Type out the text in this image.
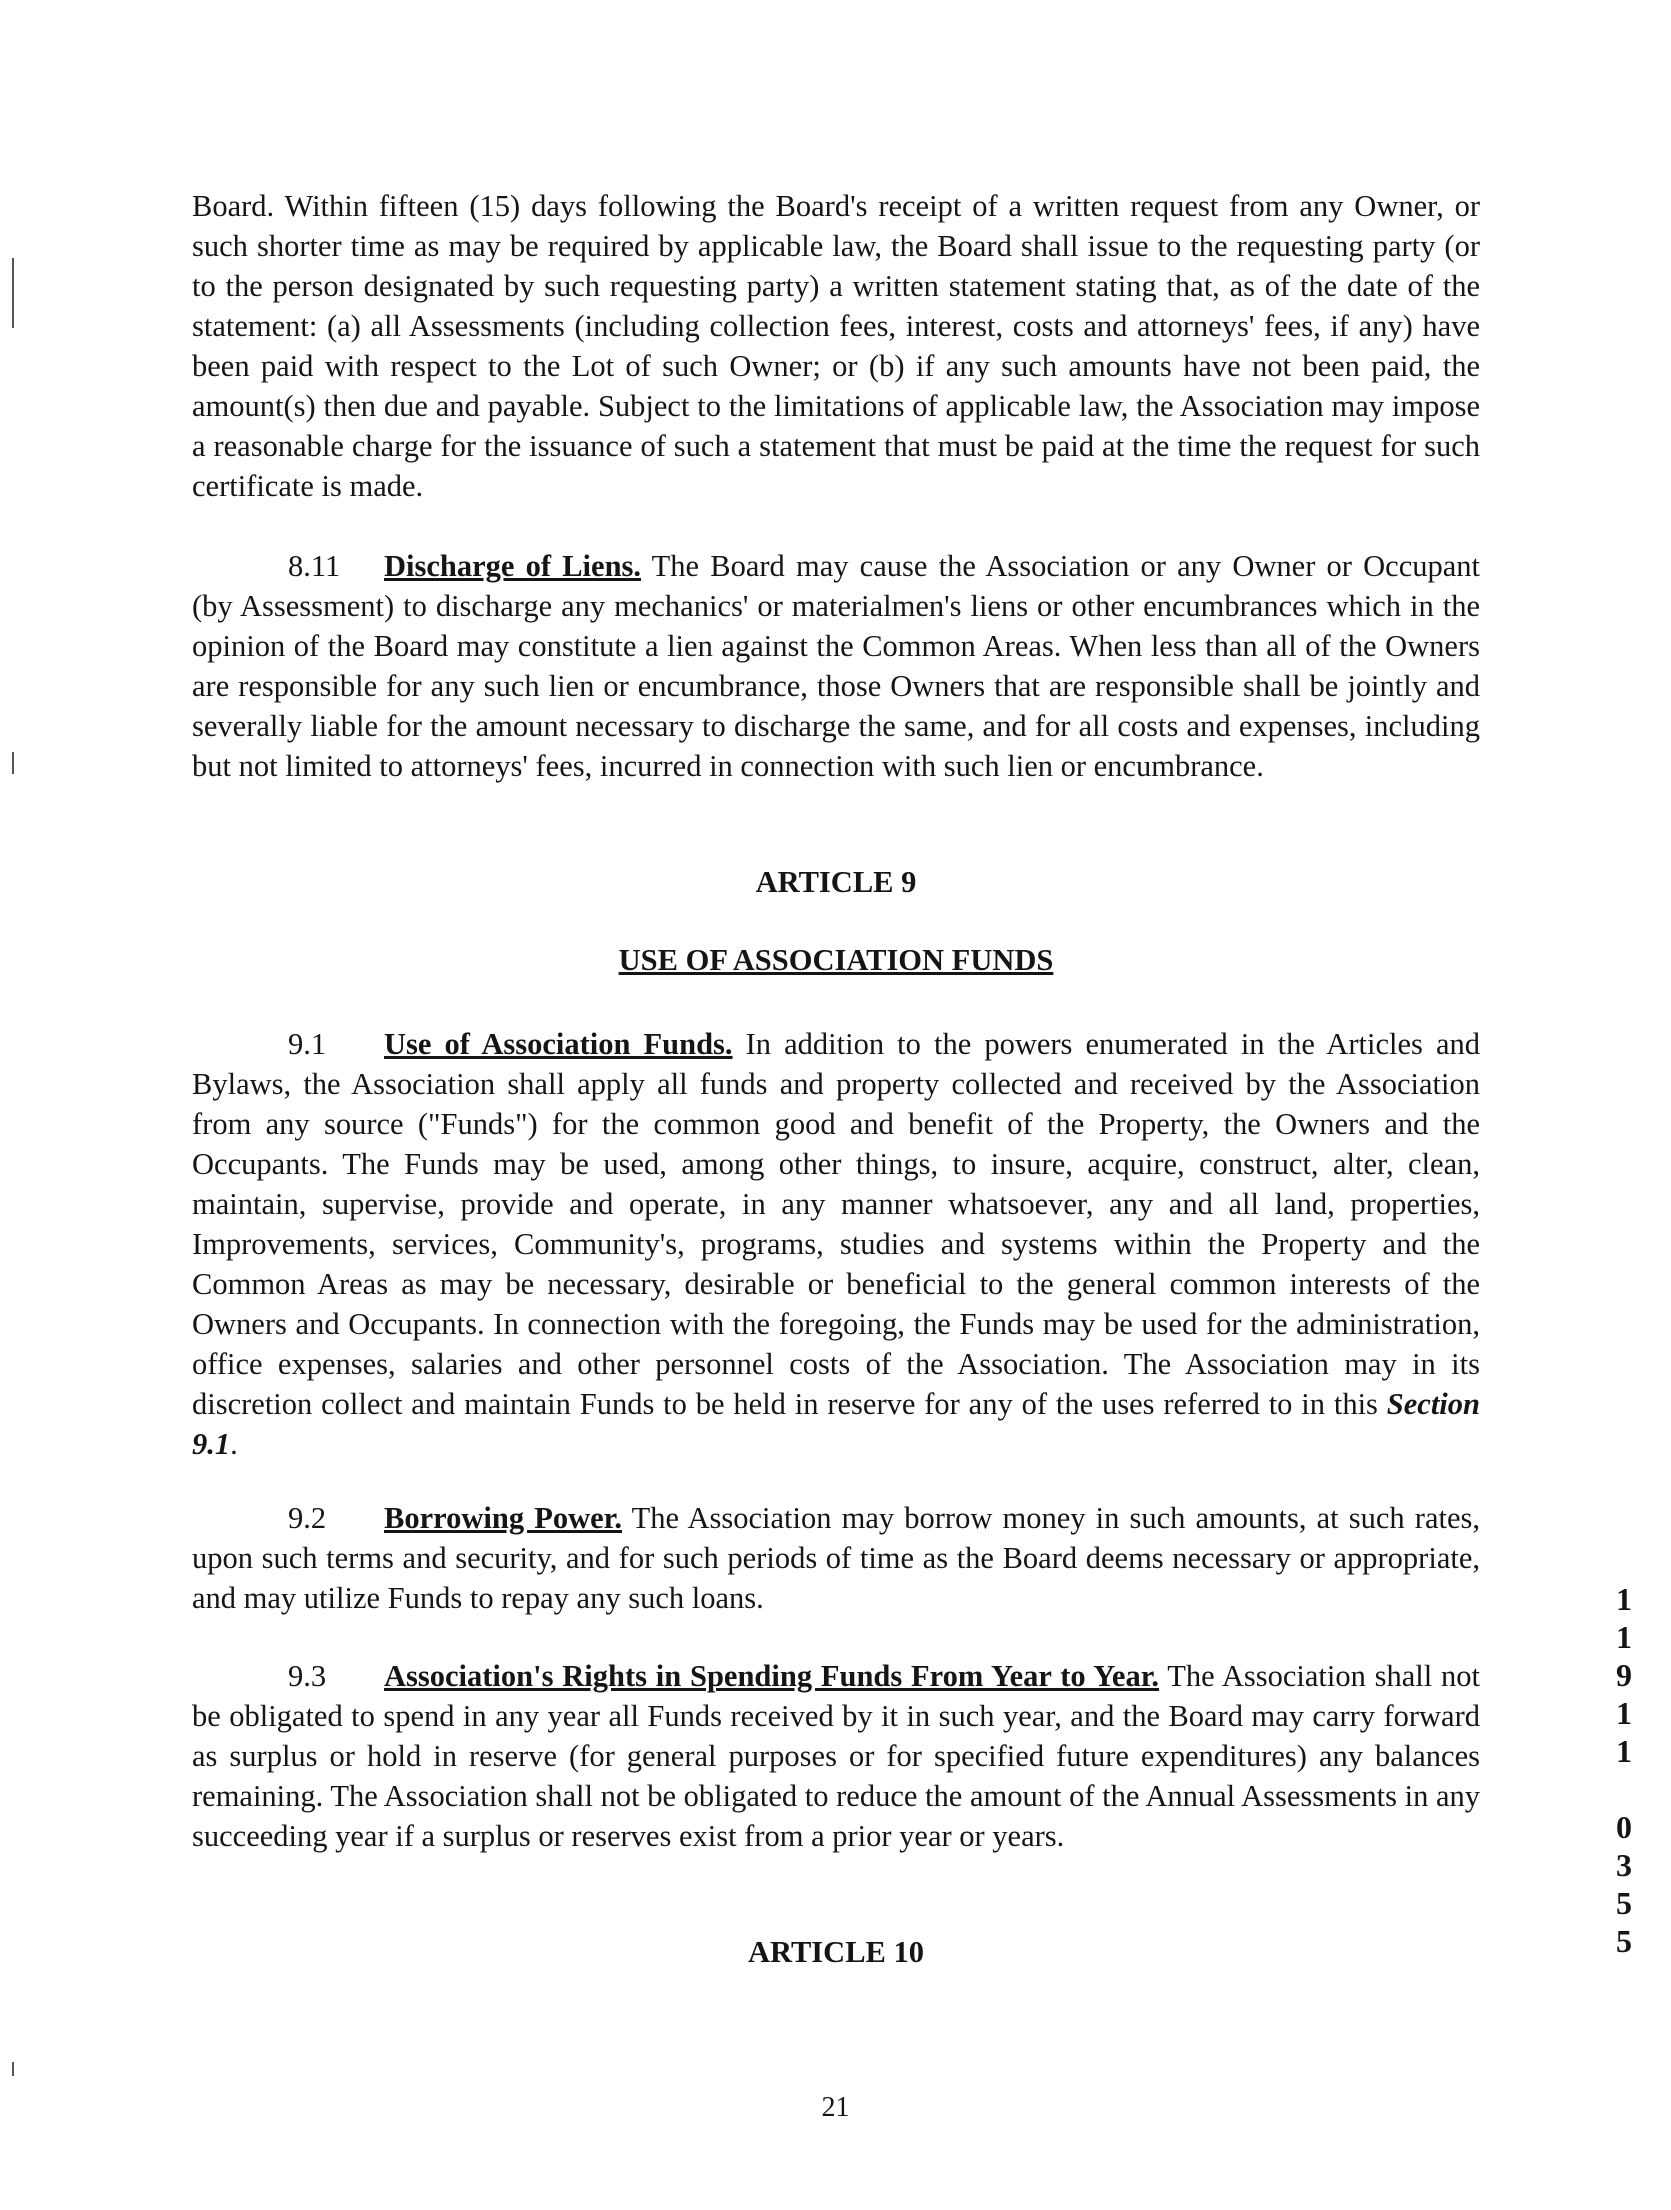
Board. Within fifteen (15) days following the Board's receipt of a written request from any Owner, or such shorter time as may be required by applicable law, the Board shall issue to the requesting party (or to the person designated by such requesting party) a written statement stating that, as of the date of the statement: (a) all Assessments (including collection fees, interest, costs and attorneys' fees, if any) have been paid with respect to the Lot of such Owner; or (b) if any such amounts have not been paid, the amount(s) then due and payable. Subject to the limitations of applicable law, the Association may impose a reasonable charge for the issuance of such a statement that must be paid at the time the request for such certificate is made.

8.11 Discharge of Liens. The Board may cause the Association or any Owner or Occupant (by Assessment) to discharge any mechanics' or materialmen's liens or other encumbrances which in the opinion of the Board may constitute a lien against the Common Areas. When less than all of the Owners are responsible for any such lien or encumbrance, those Owners that are responsible shall be jointly and severally liable for the amount necessary to discharge the same, and for all costs and expenses, including but not limited to attorneys' fees, incurred in connection with such lien or encumbrance.

ARTICLE 9
USE OF ASSOCIATION FUNDS

9.1 Use of Association Funds. In addition to the powers enumerated in the Articles and Bylaws, the Association shall apply all funds and property collected and received by the Association from any source ("Funds") for the common good and benefit of the Property, the Owners and the Occupants. The Funds may be used, among other things, to insure, acquire, construct, alter, clean, maintain, supervise, provide and operate, in any manner whatsoever, any and all land, properties, Improvements, services, Community's, programs, studies and systems within the Property and the Common Areas as may be necessary, desirable or beneficial to the general common interests of the Owners and Occupants. In connection with the foregoing, the Funds may be used for the administration, office expenses, salaries and other personnel costs of the Association. The Association may in its discretion collect and maintain Funds to be held in reserve for any of the uses referred to in this Section 9.1.

9.2 Borrowing Power. The Association may borrow money in such amounts, at such rates, upon such terms and security, and for such periods of time as the Board deems necessary or appropriate, and may utilize Funds to repay any such loans.

9.3 Association's Rights in Spending Funds From Year to Year. The Association shall not be obligated to spend in any year all Funds received by it in such year, and the Board may carry forward as surplus or hold in reserve (for general purposes or for specified future expenditures) any balances remaining. The Association shall not be obligated to reduce the amount of the Annual Assessments in any succeeding year if a surplus or reserves exist from a prior year or years.

ARTICLE 10
21
1
1
9
1
1

0
3
5
5
